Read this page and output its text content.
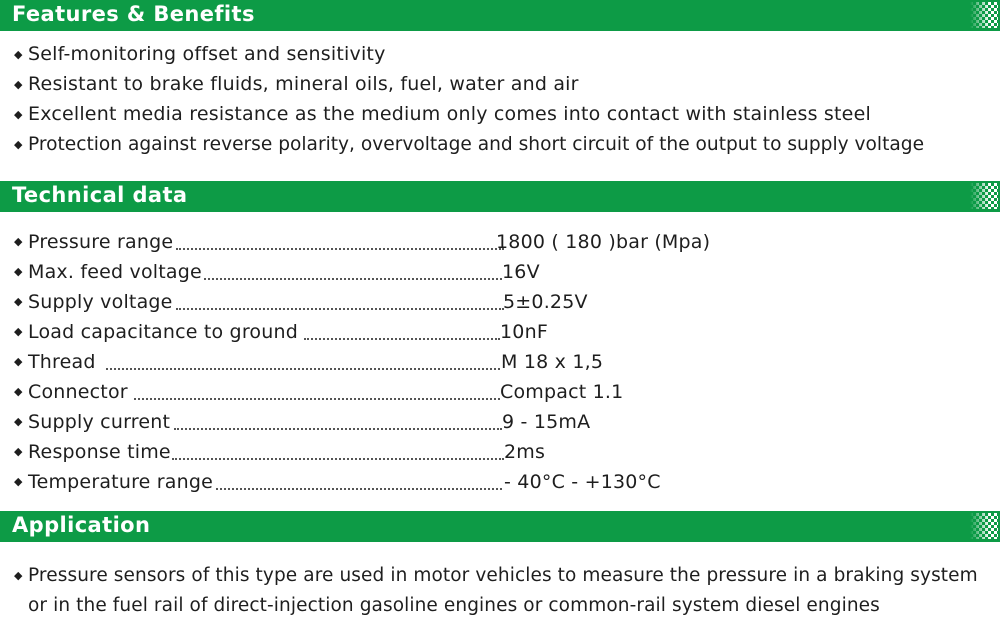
Features & Benefits
◆ Self-monitoring offset and sensitivity
◆ Resistant to brake fluids, mineral oils, fuel, water and air
◆ Excellent media resistance as the medium only comes into contact with stainless steel
◆ Protection against reverse polarity, overvoltage and short circuit of the output to supply voltage
Technical data
◆ Pressure range	1800 ( 180 )bar (Mpa)
◆ Max. feed voltage	16V
◆ Supply voltage	5±0.25V
◆ Load capacitance to ground	10nF
◆ Thread	M 18 x 1,5
◆ Connector	Compact 1.1
◆ Supply current	9 - 15mA
◆ Response time	2ms
◆ Temperature range	- 40°C - +130°C
Application
◆ Pressure sensors of this type are used in motor vehicles to measure the pressure in a braking system or in the fuel rail of direct-injection gasoline engines or common-rail system diesel engines
